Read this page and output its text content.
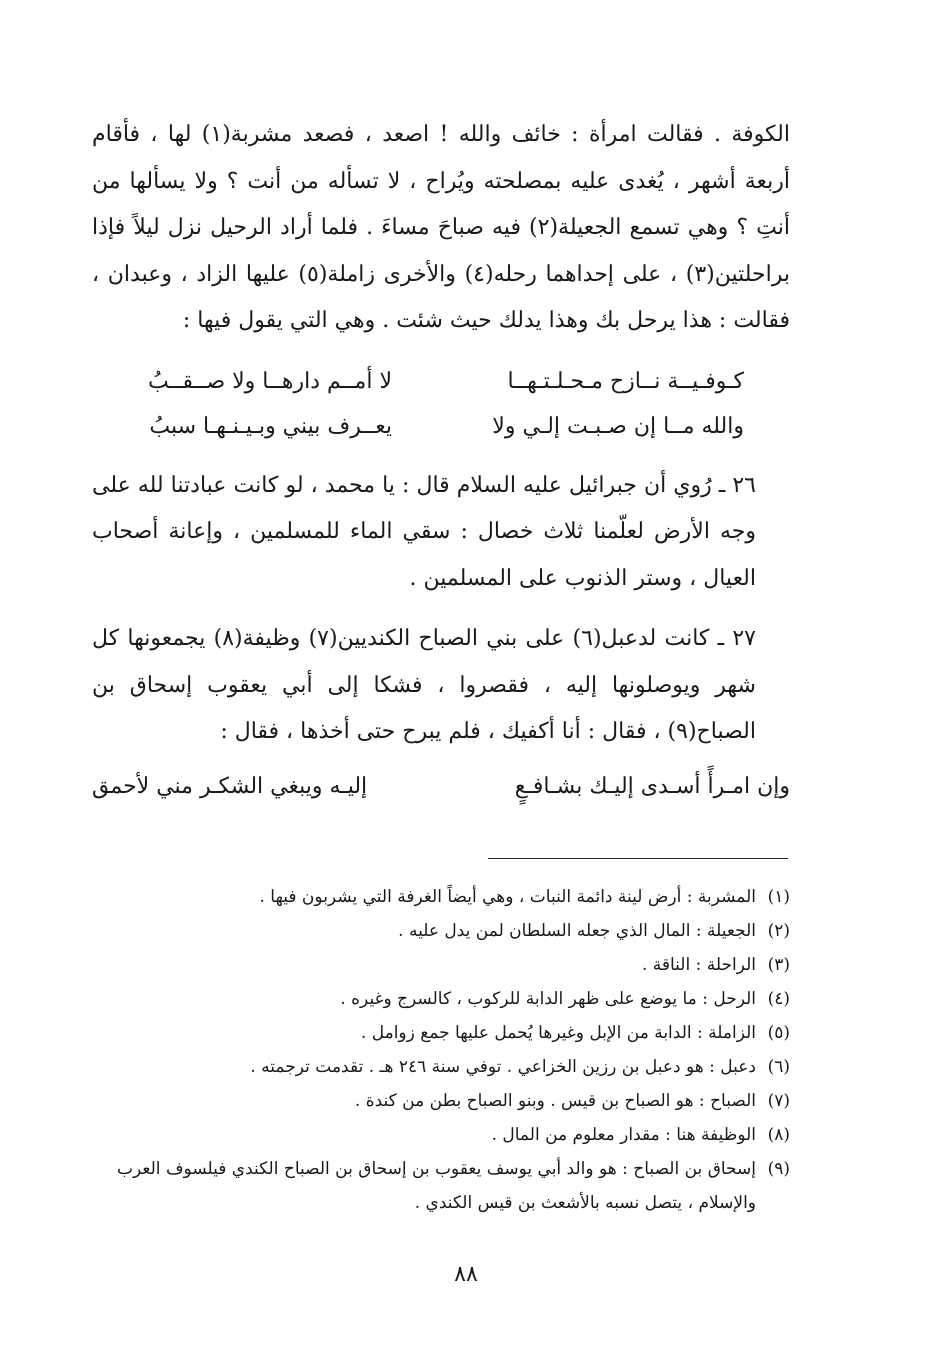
الكوفة . فقالت امرأة : خائف والله ! اصعد ، فصعد مشربة(١) لها ، فأقام أربعة أشهر ، يُغدى عليه بمصلحته ويُراح ، لا تسأله من أنت ؟ ولا يسألها من أنتِ ؟ وهي تسمع الجعيلة(٢) فيه صباحَ مساءَ . فلما أراد الرحيل نزل ليلاً فإذا براحلتين(٣) ، على إحداهما رحله(٤) والأخرى زاملة(٥) عليها الزاد ، وعبدان ، فقالت : هذا يرحل بك وهذا يدلك حيث شئت . وهي التي يقول فيها :

كـوفـيــة نــازح مـحـلـتـهــا
لا أمــم دارهــا ولا صــقــبُ
والله مــا إن صـبـت إلـي ولا
يعــرف بيني وبـيـنـهـا سببُ

٢٦ ـ رُوي أن جبرائيل عليه السلام قال : يا محمد ، لو كانت عبادتنا لله على وجه الأرض لعلّمنا ثلاث خصال : سقي الماء للمسلمين ، وإعانة أصحاب العيال ، وستر الذنوب على المسلمين .

٢٧ ـ كانت لدعبل(٦) على بني الصباح الكنديين(٧) وظيفة(٨) يجمعونها كل شهر ويوصلونها إليه ، فقصروا ، فشكا إلى أبي يعقوب إسحاق بن الصباح(٩) ، فقال : أنا أكفيك ، فلم يبرح حتى أخذها ، فقال :

وإن امـرأً أسـدى إليـك بشـافـعٍ
إليـه ويبغي الشكـر مني لأحمق
(١)
المشربة : أرض لينة دائمة النبات ، وهي أيضاً الغرفة التي يشربون فيها .
(٢)
الجعيلة : المال الذي جعله السلطان لمن يدل عليه .
(٣)
الراحلة : الناقة .
(٤)
الرحل : ما يوضع على ظهر الدابة للركوب ، كالسرج وغيره .
(٥)
الزاملة : الدابة من الإبل وغيرها يُحمل عليها جمع زوامل .
(٦)
دعبل : هو دعبل بن رزين الخزاعي . توفي سنة ٢٤٦ هـ . تقدمت ترجمته .
(٧)
الصباح : هو الصباح بن قيس . وبنو الصباح بطن من كندة .
(٨)
الوظيفة هنا : مقدار معلوم من المال .
(٩)
إسحاق بن الصباح : هو والد أبي يوسف يعقوب بن إسحاق بن الصباح الكندي فيلسوف العرب والإسلام ، يتصل نسبه بالأشعث بن قيس الكندي .
٨٨
